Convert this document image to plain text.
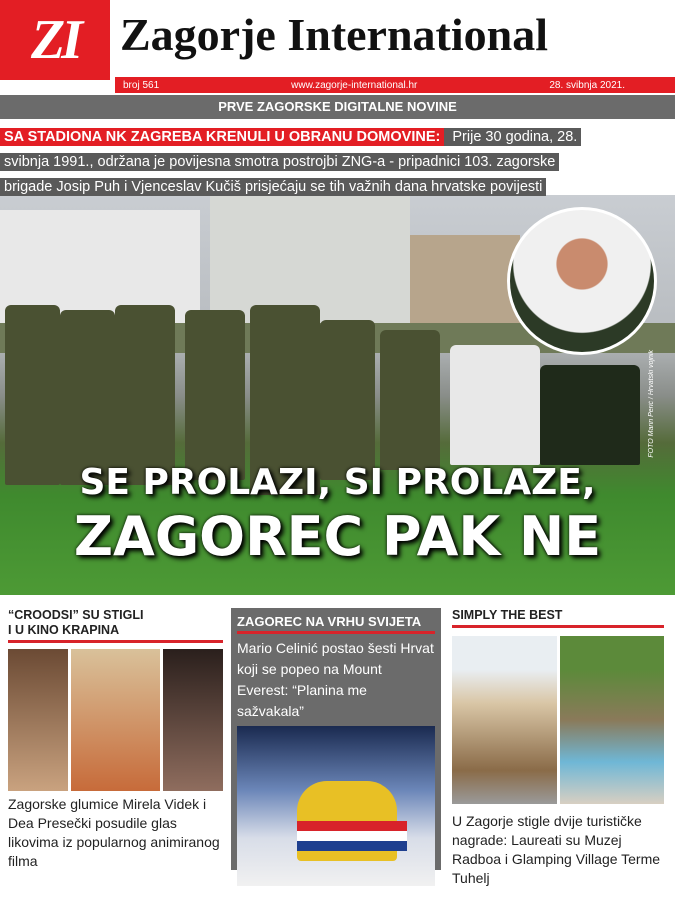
ZI Zagorje International
broj 561	www.zagorje-international.hr	28. svibnja 2021.
PRVE ZAGORSKE DIGITALNE NOVINE
SA STADIONA NK ZAGREBA KRENULI U OBRANU DOMOVINE: Prije 30 godina, 28.
svibnja 1991., održana je povijesna smotra postrojbi ZNG-a - pripadnici 103. zagorske
brigade Josip Puh i Vjenceslav Kučiš prisjećaju se tih važnih dana hrvatske povijesti
FOTO Marin Perić / Hrvatski vojnik
SE PROLAZI, SI PROLAZE,
ZAGOREC PAK NE
“CROODSI” SU STIGLI
I U KINO KRAPINA
Zagorske glumice Mirela Videk i Dea Presečki posudile glas likovima iz popularnog animiranog filma
ZAGOREC NA VRHU SVIJETA
Mario Celinić postao šesti Hrvat koji se popeo na Mount Everest: “Planina me sažvakala”
SIMPLY THE BEST
U Zagorje stigle dvije turističke nagrade: Laureati su Muzej Radboa i Glamping Village Terme Tuhelj
